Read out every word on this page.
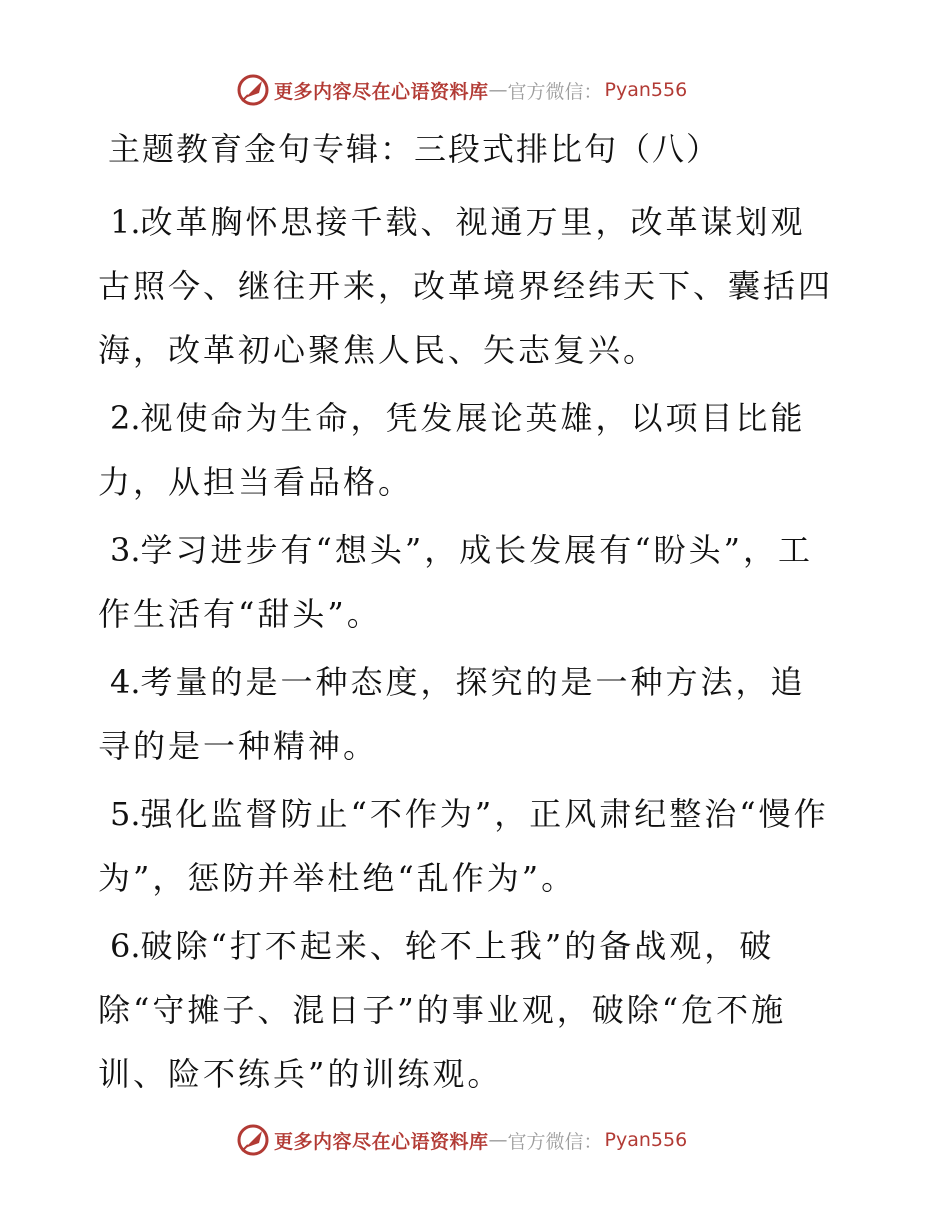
更多内容尽在心语资料库 — 官方微信： Pyan556
主题教育金句专辑：三段式排比句（八）
1.改革胸怀思接千载、视通万里，改革谋划观古照今、继往开来，改革境界经纬天下、囊括四海，改革初心聚焦人民、矢志复兴。
2.视使命为生命，凭发展论英雄，以项目比能力，从担当看品格。
3.学习进步有“想头”，成长发展有“盼头”，工作生活有“甜头”。
4.考量的是一种态度，探究的是一种方法，追寻的是一种精神。
5.强化监督防止“不作为”，正风肃纪整治“慢作为”，惩防并举杜绝“乱作为”。
6.破除“打不起来、轮不上我”的备战观，破除“守摊子、混日子”的事业观，破除“危不施训、险不练兵”的训练观。
更多内容尽在心语资料库 — 官方微信： Pyan556
